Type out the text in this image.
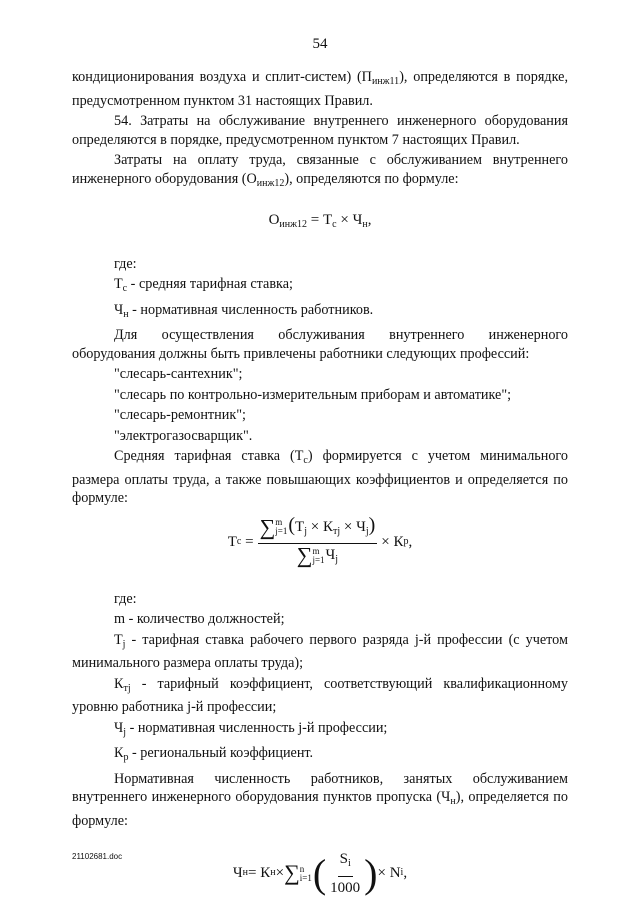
54

кондиционирования воздуха и сплит-систем) $(П_{инж11})$, определяются в порядке, предусмотренном пунктом 31 настоящих Правил.

54. Затраты на обслуживание внутреннего инженерного оборудования определяются в порядке, предусмотренном пунктом 7 настоящих Правил.

Затраты на оплату труда, связанные с обслуживанием внутреннего инженерного оборудования $(О_{инж12})$, определяются по формуле:

$О_{инж12} = Т_с \times Ч_н$,

где:

$Т_с$ - средняя тарифная ставка;

$Ч_н$ - нормативная численность работников.

Для осуществления обслуживания внутреннего инженерного оборудования должны быть привлечены работники следующих профессий:

"слесарь-сантехник";

"слесарь по контрольно-измерительным приборам и автоматике";

"слесарь-ремонтник";

"электрогазосварщик".

Средняя тарифная ставка $(Т_с)$ формируется с учетом минимального размера оплаты труда, а также повышающих коэффициентов и определяется по формуле:

Т с
= ∑ m
j=1 $(Т_j \times К_{тj} \times Ч_j)$
∑ m
j=1 $Ч_j \times К$ р ,

где:

m - количество должностей;

$Т_j$ - тарифная ставка рабочего первого разряда j-й профессии (с учетом минимального размера оплаты труда);

$К_{тj}$ - тарифный коэффициент, соответствующий квалификационному уровню работника j-й профессии;

$Ч_j$ - нормативная численность j-й профессии;

$К_р$ - региональный коэффициент.

Нормативная численность работников, занятых обслуживанием внутреннего инженерного оборудования пунктов пропуска $(Ч_н)$, определяется по формуле:

Ч н = К н × ∑ n
i=1 ( $\frac{S_i}{1000}$ ) × N i ,
21102681.doc
